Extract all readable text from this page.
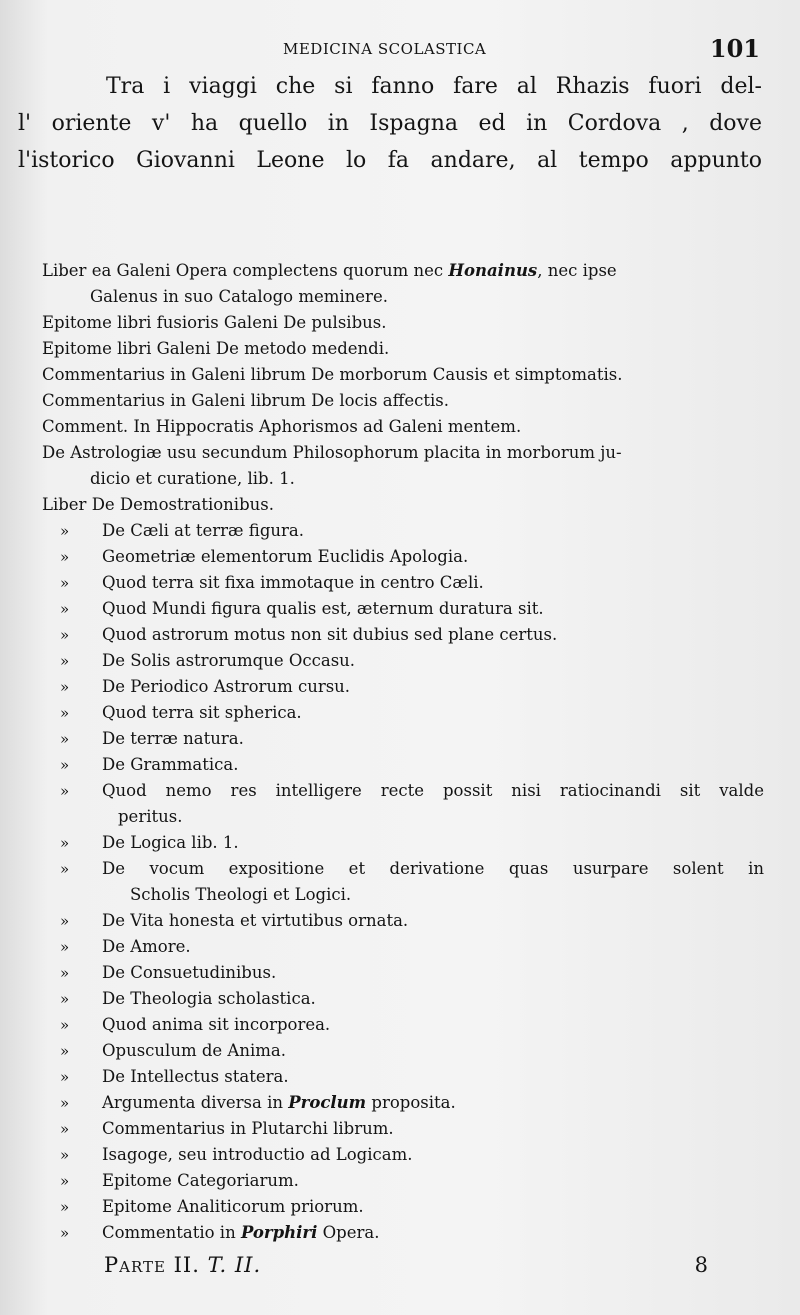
MEDICINA SCOLASTICA	101
Tra i viaggi che si fanno fare al Rhazis fuori del-
l' oriente v' ha quello in Ispagna ed in Cordova , dove
l'istorico Giovanni Leone lo fa andare, al tempo appunto
Liber ea Galeni Opera complectens quorum nec Honainus, nec ipse
Galenus in suo Catalogo meminere.
Epitome libri fusioris Galeni De pulsibus.
Epitome libri Galeni De metodo medendi.
Commentarius in Galeni librum De morborum Causis et simptomatis.
Commentarius in Galeni librum De locis affectis.
Comment. In Hippocratis Aphorismos ad Galeni mentem.
De Astrologiæ usu secundum Philosophorum placita in morborum ju-
dicio et curatione, lib. 1.
Liber De Demostrationibus.
» De Cæli at terræ figura.
» Geometriæ elementorum Euclidis Apologia.
» Quod terra sit fixa immotaque in centro Cæli.
» Quod Mundi figura qualis est, æternum duratura sit.
» Quod astrorum motus non sit dubius sed plane certus.
» De Solis astrorumque Occasu.
» De Periodico Astrorum cursu.
» Quod terra sit spherica.
» De terræ natura.
» De Grammatica.
» Quod nemo res intelligere recte possit nisi ratiocinandi sit valde
peritus.
» De Logica lib. 1.
» De vocum expositione et derivatione quas usurpare solent in
Scholis Theologi et Logici.
» De Vita honesta et virtutibus ornata.
» De Amore.
» De Consuetudinibus.
» De Theologia scholastica.
» Quod anima sit incorporea.
» Opusculum de Anima.
» De Intellectus statera.
» Argumenta diversa in Proclum proposita.
» Commentarius in Plutarchi librum.
» Isagoge, seu introductio ad Logicam.
» Epitome Categoriarum.
» Epitome Analiticorum priorum.
» Commentatio in Porphiri Opera.
Parte II. T. II.	8
